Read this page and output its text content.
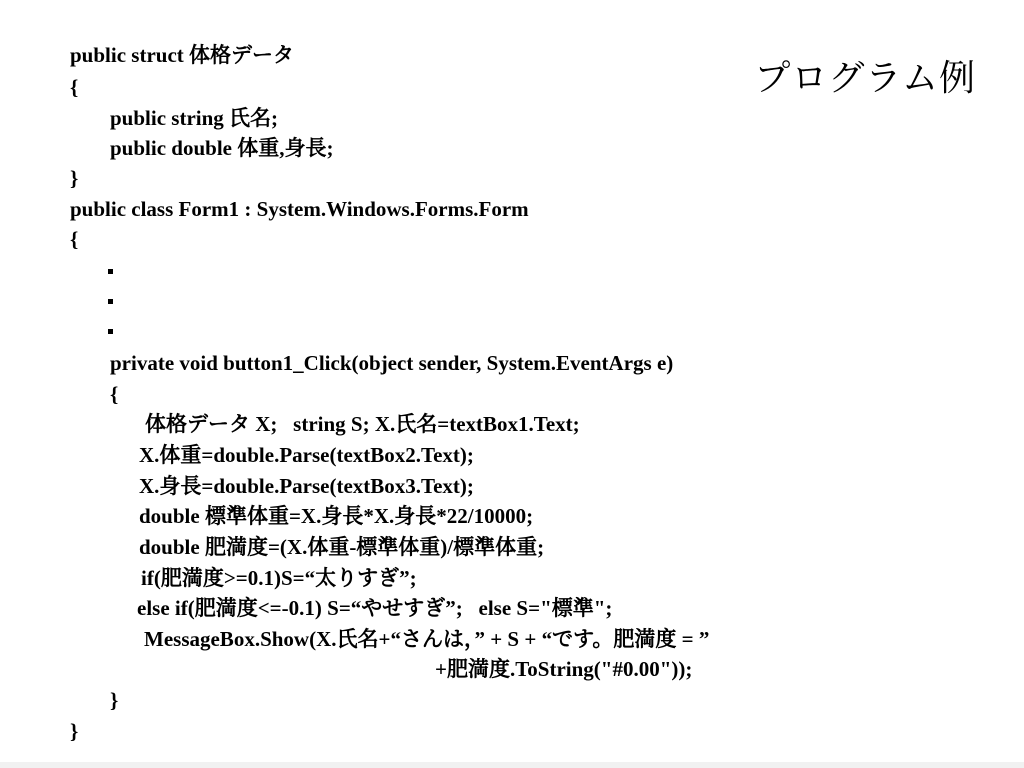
プログラム例
public struct 体格データ
{
public string 氏名;
public double 体重,身長;
}
public class Form1 : System.Windows.Forms.Form
{
private void button1_Click(object sender, System.EventArgs e)
{
体格データ X;   string S; X.氏名=textBox1.Text;
X.体重=double.Parse(textBox2.Text);
X.身長=double.Parse(textBox3.Text);
double 標準体重=X.身長*X.身長*22/10000;
double 肥満度=(X.体重-標準体重)/標準体重;
if(肥満度>=0.1)S=“太りすぎ”;
else if(肥満度<=-0.1) S=“やせすぎ”;   else S="標準";
MessageBox.Show(X.氏名+“さんは，” + S + “です。肥満度 = ”
+肥満度.ToString("#0.00"));
}
}
